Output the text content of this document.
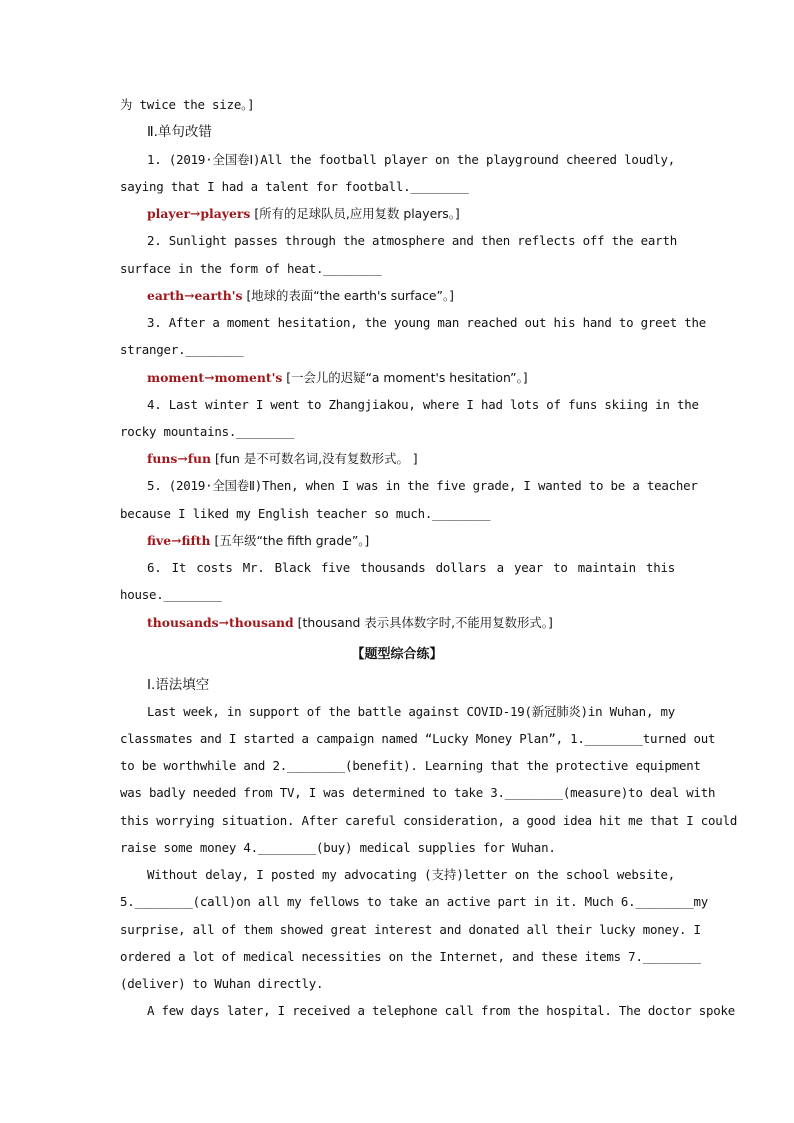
为 twice the size。]
Ⅱ.单句改错
1. (2019·全国卷Ⅰ)All the football player on the playground cheered loudly,
saying that I had a talent for football.________
player→players [所有的足球队员,应用复数 players。]
2. Sunlight passes through the atmosphere and then reflects off the earth
surface in the form of heat.________
earth→earth's [地球的表面“the earth's surface”。]
3. After a moment hesitation, the young man reached out his hand to greet the
stranger.________
moment→moment's [一会儿的迟疑“a moment's hesitation”。]
4. Last winter I went to Zhangjiakou, where I had lots of funs skiing in the
rocky mountains.________
funs→fun [fun 是不可数名词,没有复数形式。 ]
5. (2019·全国卷Ⅱ)Then, when I was in the five grade, I wanted to be a teacher
because I liked my English teacher so much.________
five→fifth [五年级“the fifth grade”。]
6. It costs Mr. Black five thousands dollars a year to maintain this
house.________
thousands→thousand [thousand 表示具体数字时,不能用复数形式。]
【题型综合练】
Ⅰ.语法填空
Last week, in support of the battle against COVID-19(新冠肺炎)in Wuhan, my
classmates and I started a campaign named “Lucky Money Plan”, 1.________turned out
to be worthwhile and 2.________(benefit). Learning that the protective equipment
was badly needed from TV, I was determined to take 3.________(measure)to deal with
this worrying situation. After careful consideration, a good idea hit me that I could
raise some money 4.________(buy) medical supplies for Wuhan.
Without delay, I posted my advocating (支持)letter on the school website,
5.________(call)on all my fellows to take an active part in it. Much 6.________my
surprise, all of them showed great interest and donated all their lucky money. I
ordered a lot of medical necessities on the Internet, and these items 7.________
(deliver) to Wuhan directly.
A few days later, I received a telephone call from the hospital. The doctor spoke
